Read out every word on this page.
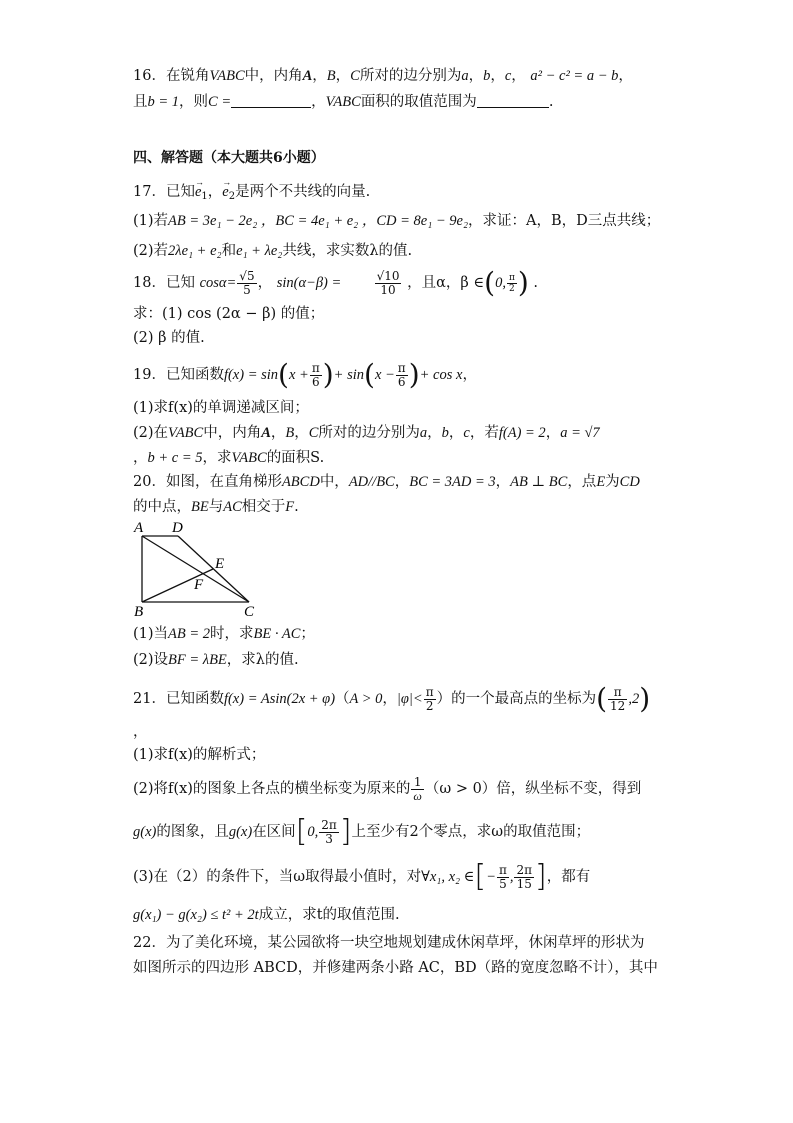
16．在锐角VABC中，内角A，B，C所对的边分别为a，b，c， a² − c² = a − b，
且b = 1，则C =	，VABC面积的取值范围为	.
四、解答题（本大题共6小题）
17．已知→ $e_1$，→ $e_2$是两个不共线的向量.
(1)若AB = 3e₁ − 2e₂ ，BC = 4e₁ + e₂ ，CD = 8e₁ − 9e₂，求证：A，B，D三点共线；
(2)若2λe₁ + e₂和e₁ + λe₂共线，求实数λ的值.
18．已知 $\cos\alpha= \frac{√5}{5}$ ， sin(α−β) =	$\frac{√10}{10}$ ，且α，β ∈(0, $\frac{\pi}{2}$ ) .
求：(1) cos (2α − β) 的值；
(2) β 的值.
19．已知函数$f(x) = \sin(x + \frac{\pi}{6}$ )+ $\sin(x - \frac{\pi}{6}$ )+ cos x，
(1)求f(x)的单调递减区间；
(2)在VABC中，内角A，B，C所对的边分别为a，b，c，若f(A) = 2，a = √7
，b + c = 5，求VABC的面积S.
20．如图，在直角梯形ABCD中，AD//BC，BC = 3AD = 3，AB ⊥ BC，点E为CD
的中点，BE与AC相交于F.
A D
E
F
B	C
(1)当AB = 2时，求BE · AC；
(2)设BF = λBE，求λ的值.
21．已知函数f(x) = Asin(2x + φ)（A > 0，$|\varphi|< \frac{\pi}{2}$ ）的一个最高点的坐标为( $\frac{\pi}{12} ,2$)
，
(1)求f(x)的解析式；
(2)将f(x)的图象上各点的横坐标变为原来的 $\frac{1}{\omega} (\omega > 0)$倍，纵坐标不变，得到
g(x)的图象，且g(x)在区间[0, $\frac{2\pi}{3}$ ]上至少有2个零点，求ω的取值范围；
(3)在（2）的条件下，当ω取得最小值时，对∀x₁, x₂ ∈[− $\frac{\pi}{5}$ , $\frac{2\pi}{15}$ ]，都有
g(x₁) − g(x₂) ≤ t² + 2t成立，求t的取值范围.
22．为了美化环境，某公园欲将一块空地规划建成休闲草坪，休闲草坪的形状为
如图所示的四边形 ABCD，并修建两条小路 AC，BD（路的宽度忽略不计），其中
